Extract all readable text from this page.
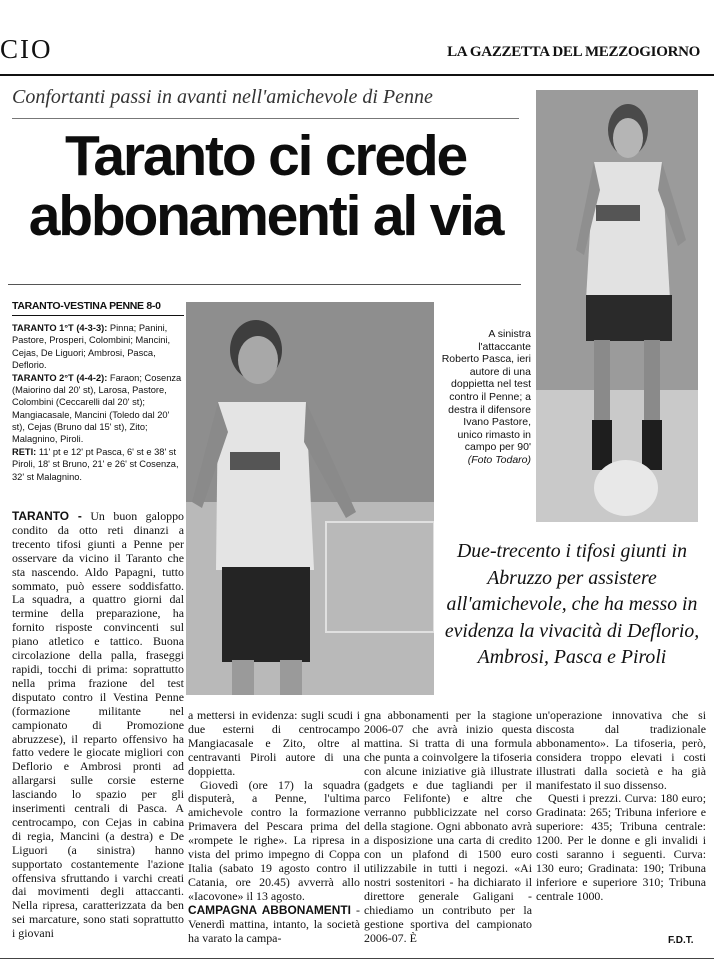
CIO	LA GAZZETTA DEL MEZZOGIORNO
Confortanti passi in avanti nell'amichevole di Penne
Taranto ci crede
abbonamenti al via
TARANTO-VESTINA PENNE 8-0

TARANTO 1°T (4-3-3): Pinna; Panini, Pastore, Prosperi, Colombini; Mancini, Cejas, De Liguori; Ambrosi, Pasca, Deflorio.

TARANTO 2°T (4-4-2): Faraon; Cosenza (Maiorino dal 20' st), Larosa, Pastore, Colombini (Ceccarelli dal 20' st); Mangiacasale, Mancini (Toledo dal 20' st), Cejas (Bruno dal 15' st), Zito; Malagnino, Piroli.

RETI: 11' pt e 12' pt Pasca, 6' st e 38' st Piroli, 18' st Bruno, 21' e 26' st Cosenza, 32' st Malagnino.

A sinistra l'attaccante Roberto Pasca, ieri autore di una doppietta nel test contro il Penne; a destra il difensore Ivano Pastore, unico rimasto in campo per 90'
(Foto Todaro)
Due-trecento i tifosi giunti in Abruzzo per assistere all'amichevole, che ha messo in evidenza la vivacità di Deflorio, Ambrosi, Pasca e Piroli

TARANTO - Un buon galoppo condito da otto reti dinanzi a trecento tifosi giunti a Penne per osservare da vicino il Taranto che sta nascendo. Aldo Papagni, tutto sommato, può essere soddisfatto. La squadra, a quattro giorni dal termine della preparazione, ha fornito risposte convincenti sul piano atletico e tattico. Buona circolazione della palla, fraseggi rapidi, tocchi di prima: soprattutto nella prima frazione del test disputato contro il Vestina Penne (formazione militante nel campionato di Promozione abruzzese), il reparto offensivo ha fatto vedere le giocate migliori con Deflorio e Ambrosi pronti ad allargarsi sulle corsie esterne lasciando lo spazio per gli inserimenti centrali di Pasca. A centrocampo, con Cejas in cabina di regia, Mancini (a destra) e De Liguori (a sinistra) hanno supportato costantemente l'azione offensiva sfruttando i varchi creati dai movimenti degli attaccanti. Nella ripresa, caratterizzata da ben sei marcature, sono stati soprattutto i giovani

a mettersi in evidenza: sugli scudi i due esterni di centrocampo Mangiacasale e Zito, oltre al centravanti Piroli autore di una doppietta.

Giovedì (ore 17) la squadra disputerà, a Penne, l'ultima amichevole contro la formazione Primavera del Pescara prima del «rompete le righe». La ripresa in vista del primo impegno di Coppa Italia (sabato 19 agosto contro il Catania, ore 20.45) avverrà allo «Iacovone» il 13 agosto.

CAMPAGNA ABBONAMENTI - Venerdì mattina, intanto, la società ha varato la campa-

gna abbonamenti per la stagione 2006-07 che avrà inizio questa mattina. Si tratta di una formula che punta a coinvolgere la tifoseria con alcune iniziative già illustrate (gadgets e due tagliandi per il parco Felifonte) e altre che verranno pubblicizzate nel corso della stagione. Ogni abbonato avrà a disposizione una carta di credito con un plafond di 1500 euro utilizzabile in tutti i negozi. «Ai nostri sostenitori - ha dichiarato il direttore generale Galigani - chiediamo un contributo per la gestione sportiva del campionato 2006-07. È

un'operazione innovativa che si discosta dal tradizionale abbonamento». La tifoseria, però, considera troppo elevati i costi illustrati dalla società e ha già manifestato il suo dissenso.

Questi i prezzi. Curva: 180 euro; Gradinata: 265; Tribuna inferiore e superiore: 435; Tribuna centrale: 1200. Per le donne e gli invalidi i costi saranno i seguenti. Curva: 130 euro; Gradinata: 190; Tribuna inferiore e superiore 310; Tribuna centrale 1000.

F.D.T.
